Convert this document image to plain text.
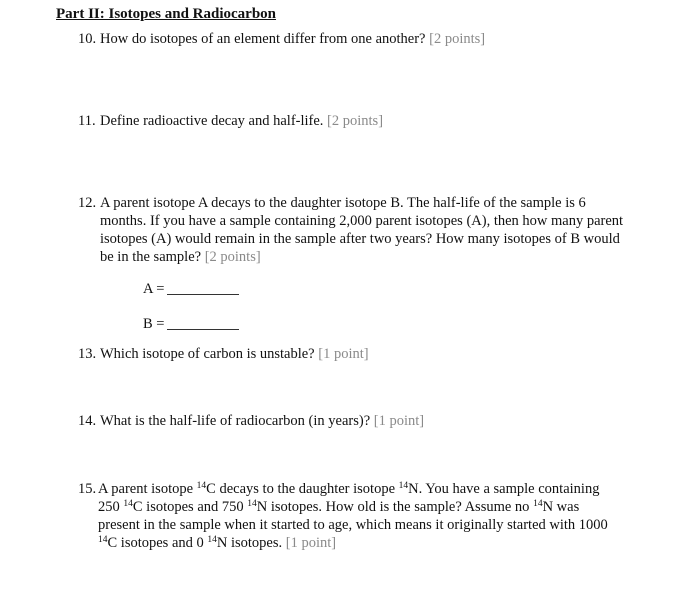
Part II: Isotopes and Radiocarbon
10. How do isotopes of an element differ from one another? [2 points]
11. Define radioactive decay and half-life. [2 points]
12. A parent isotope A decays to the daughter isotope B. The half-life of the sample is 6 months. If you have a sample containing 2,000 parent isotopes (A), then how many parent isotopes (A) would remain in the sample after two years? How many isotopes of B would be in the sample? [2 points]
A =
B =
13. Which isotope of carbon is unstable? [1 point]
14. What is the half-life of radiocarbon (in years)? [1 point]
15. A parent isotope $^{14}$C decays to the daughter isotope $^{14}$N. You have a sample containing 250 $^{14}$C isotopes and 750 $^{14}$N isotopes. How old is the sample? Assume no $^{14}$N was present in the sample when it started to age, which means it originally started with 1000 $^{14}$C isotopes and 0 $^{14}$N isotopes. [1 point]
